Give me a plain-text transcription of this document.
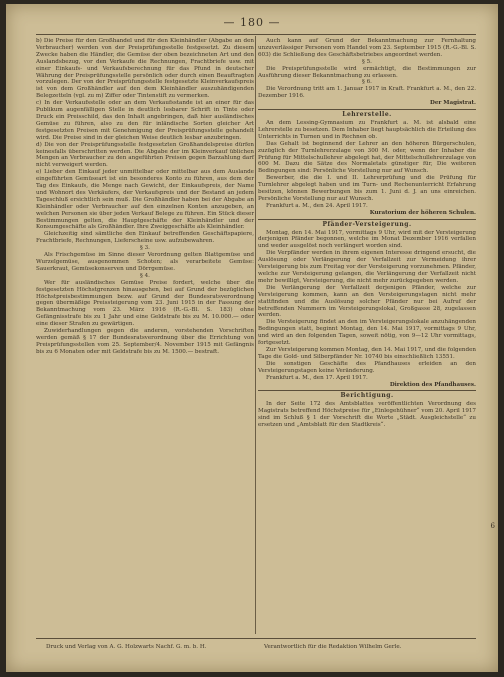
— 180 —

b) Die Preise für den Großhandel und für den Kleinhändler (Abgabe an den Verbraucher) werden von der Preisprüfungsstelle festgesetzt. Zu diesem Zwecke haben die Händler, die Gemüse der oben bezeichneten Art und den Auslandsbezug, vor den Verkaufe die Rechnungen, Frachtbriefe usw. mit einer Einkaufs- und Verkaufsberechnung für das Pfund in deutscher Währung der Preisprüfungsstelle persönlich oder durch einen Beauftragten vorzulegen. Der von der Preisprüfungsstelle festgesetzte Kleinverkaufspreis ist von dem Großhändler auf den dem Kleinhändler auszuhändigenden Belegzetteln (vgl. zu m) Ziffer oder Tintenstift zu vermerken.

c) In der Verkaufsstelle oder an dem Verkaufsstande ist an einer für das Publikum augenfälligen Stelle in deutlich lesbarer Schrift in Tinte oder Druck ein Preisschild, das den Inhalt angebringen, daß hier ausländisches Gemüse zu führen, also zu den für inländische Sorten gleicher Art festgesetzten Preisen mit Genehmigung der Preisprüfungsstelle gehandelt wird. Die Preise sind in der gleichen Weise deutlich lesbar anzubringen.

d) Die von der Preisprüfungsstelle festgesetzten Großhandelspreise dürfen keinesfalls überschritten werden. Die Abgabe der im Kleinverkauf üblichen Mengen an Verbraucher zu den angeführten Preisen gegen Barzahlung darf nicht verweigert werden.

e) Lieber den Einkauf jeder unmittelbar oder mittelbar aus dem Auslande eingeführten Gemüseart ist ein besonderes Konto zu führen, aus dem der Tag des Einkaufs, die Menge nach Gewicht, der Einkaufspreis, der Name und Wohnort des Verkäufers, der Verkaufspreis und der Bestand an jedem Tageschluß ersichtlich sein muß. Die Großhändler haben bei der Abgabe an Kleinhändler oder Verbraucher auf den einzelnen Konten anzugeben, an welchen Personen sie über jeden Verkauf Belege zu führen. Ein Stück dieser Bestimmungen gelten, die Hauptgeschäfte der Kleinhändler und der Konsumgeschäfte als Großhändler. Ihre Zweiggeschäfte als Kleinhändler.

Gleichzeitig sind sämtliche den Einkauf betreffenden Geschäftspapiere, Frachtbriefe, Rechnungen, Lieferscheine usw. aufzubewahren.

§ 3.

Als Frischgemüse im Sinne dieser Verordnung gelten Blattgemüse und Wurzelgemüse, ausgenommen Schoten; als verarbeitete Gemüse: Sauerkraut, Gemüsekonserven und Dörrgemüse.

§ 4.

Wer für ausländisches Gemüse Preise fordert, welche über die festgesetzten Höchstgrenzen hinausgehen, bei auf Grund der bezüglichen Höchstpreisbestimmungen bezw. auf Grund der Bundesratsverordnung gegen übermäßige Preissteigerung vom 23. Juni 1915 in der Fassung der Bekanntmachung vom 23. März 1916 (R.-G.-Bl. S. 183) ohne Gefängnisstrafe bis zu 1 Jahr und eine Geldstrafe bis zu M. 10.000.— oder eine dieser Strafen zu gewärtigen.

Zuwiderhandlungen gegen die anderen, vorstehenden Vorschriften werden gemäß § 17 der Bundesratsverordnung über die Errichtung von Preisprüfungsstellen vom 25. September/4. November 1915 mit Gefängnis bis zu 6 Monaten oder mit Geldstrafe bis zu M. 1500.— bestraft.

Auch kann auf Grund der Bekanntmachung zur Fernhaltung unzuverlässiger Personen vom Handel vom 23. September 1915 (R.-G.-Bl. S. 603) die Schließung des Geschäftsbetriebes angeordnet werden.

§ 5.

Die Preisprüfungsstelle wird ermächtigt, die Bestimmungen zur Ausführung dieser Bekanntmachung zu erlassen.

§ 6.

Die Verordnung tritt am 1. Januar 1917 in Kraft. Frankfurt a. M., den 22. Dezember 1916.

Der Magistrat.

Lehrerstelle.

An dem Lessing-Gymnasium zu Frankfurt a. M. ist alsbald eine Lehrerstelle zu besetzen. Dem Inhaber liegt hauptsächlich die Erteilung des Unterrichts in Turnen und in Rechnen ob.

Das Gehalt ist beginnend der Lehrer an den höheren Bürgerschulen, zuzüglich der Turnlehrerzulage von 300 M. oder, wenn der Inhaber die Prüfung für Mittelschullehrer abgelegt hat, der Mittelschullehrerzulage von 600 M. Dazu die Sätze des Normaletats günstiger für, Die weiteren Bedingungen sind: Persönliche Vorstellung nur auf Wunsch.

Bewerber, die die I. und II. Lehrerprüfung und die Prüfung für Turnlehrer abgelegt haben und im Turn- und Rechenunterricht Erfahrung besitzen, können Bewerbungen bis zum 1. Juni d. J. an uns einreichen. Persönliche Vorstellung nur auf Wunsch.

Frankfurt a. M., den 24. April 1917.

Kuratorium der höheren Schulen.

Pfänder-Versteigerung.

Montag, den 14. Mai 1917, vormittags 9 Uhr, wird mit der Versteigerung derjenigen Pfänder begonnen, welche im Monat Dezember 1916 verfallen und weder ausgelöst noch verlängert worden sind.

Die Verpfänder werden in ihrem eigenen Interesse dringend ersucht, die Auslösung oder Verlängerung der Verfallzeit zur Vermeidung ihrer Versteigerung bis zum Freitag vor der Versteigerung vorzunehmen. Pfänder, welche zur Versteigerung gelangen, die Verlängerung der Verfallzeit nicht mehr bewilligt, Versteigerung, die nicht mehr zurückgegeben werden.

Die Verlängerung der Verfallzeit derjenigen Pfänder, welche zur Versteigerung kommen, kann an den Versteigerungstagen nicht mehr stattfinden und die Auslösung solcher Pfänder nur bei Aufruf der betreffenden Nummern im Versteigerungslokal, Großgasse 28, zugelassen werden.

Die Versteigerung findet an den im Versteigerungslokale anzuhängenden Bedingungen statt, beginnt Montag, den 14. Mai 1917, vormittags 9 Uhr, und wird an den folgenden Tagen, soweit nötig, von 9—12 Uhr vormittags, fortgesetzt.

Zur Versteigerung kommen Montag, den 14. Mai 1917, und die folgenden Tage die Gold- und Silberpfänder Nr. 10740 bis einschließlich 13551.

Die sonstigen Geschäfte des Pfandhauses erleiden an den Versteigerungstagen keine Veränderung.

Frankfurt a. M., den 17. April 1917.

Direktion des Pfandhauses.

Berichtigung.

In der Seite 172 des Amtsblattes veröffentlichten Verordnung des Magistrats betreffend Höchstpreise für „Einlegehühner“ vom 20. April 1917 sind im Schluß § 1 der Vorschrift die Worte „Städt. Ausgleichstelle“ zu ersetzen und „Amtsblatt für den Stadtkreis“.

6
Druck und Verlag von A. G. Holzwarts Nachf. G. m. b. H.	Verantwortlich für die Redaktion Wilhelm Gerle.
